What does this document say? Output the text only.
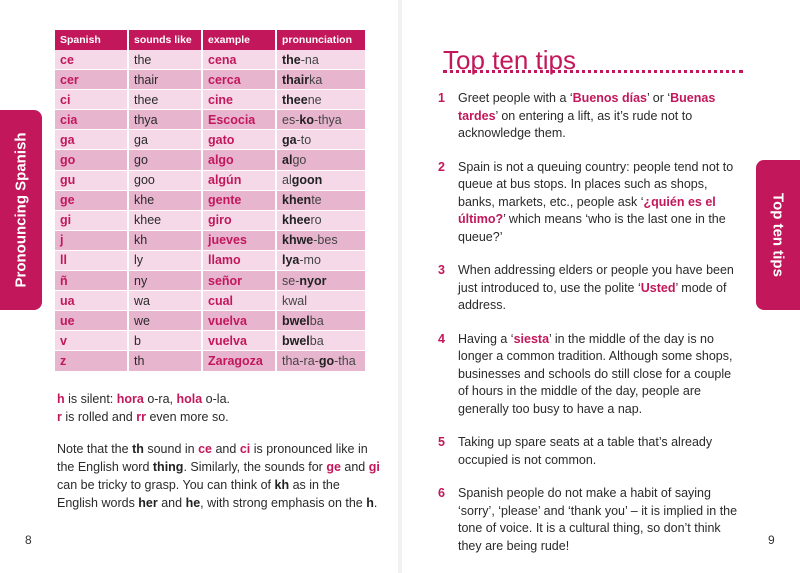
Pronouncing Spanish	Top ten tips
Spanish	sounds like	example	pronunciation
ce	the	cena	the-na
cer	thair	cerca	thairka
ci	thee	cine	theene
cia	thya	Escocia	es-ko-thya
ga	ga	gato	ga-to
go	go	algo	algo
gu	goo	algún	algoon
ge	khe	gente	khente
gi	khee	giro	kheero
j	kh	jueves	khwe-bes
ll	ly	llamo	lya-mo
ñ	ny	señor	se-nyor
ua	wa	cual	kwal
ue	we	vuelva	bwelba
v	b	vuelva	bwelba
z	th	Zaragoza	tha-ra-go-tha
h is silent: hora o-ra, hola o-la.
r is rolled and rr even more so.
Note that the th sound in ce and ci is pronounced like in the English word thing. Similarly, the sounds for ge and gi can be tricky to grasp. You can think of kh as in the English words her and he, with strong emphasis on the h.
8	9
Top ten tips
1 Greet people with a ‘Buenos días’ or ‘Buenas tardes’ on entering a lift, as it’s rude not to acknowledge them.
2 Spain is not a queuing country: people tend not to queue at bus stops. In places such as shops, banks, markets, etc., people ask ‘¿quién es el último?’ which means ‘who is the last one in the queue?’
3 When addressing elders or people you have been just introduced to, use the polite ‘Usted’ mode of address.
4 Having a ‘siesta’ in the middle of the day is no longer a common tradition. Although some shops, businesses and schools do still close for a couple of hours in the middle of the day, people are generally too busy to have a nap.
5 Taking up spare seats at a table that’s already occupied is not common.
6 Spanish people do not make a habit of saying ‘sorry’, ‘please’ and ‘thank you’ – it is implied in the tone of voice. It is a cultural thing, so don’t think they are being rude!
